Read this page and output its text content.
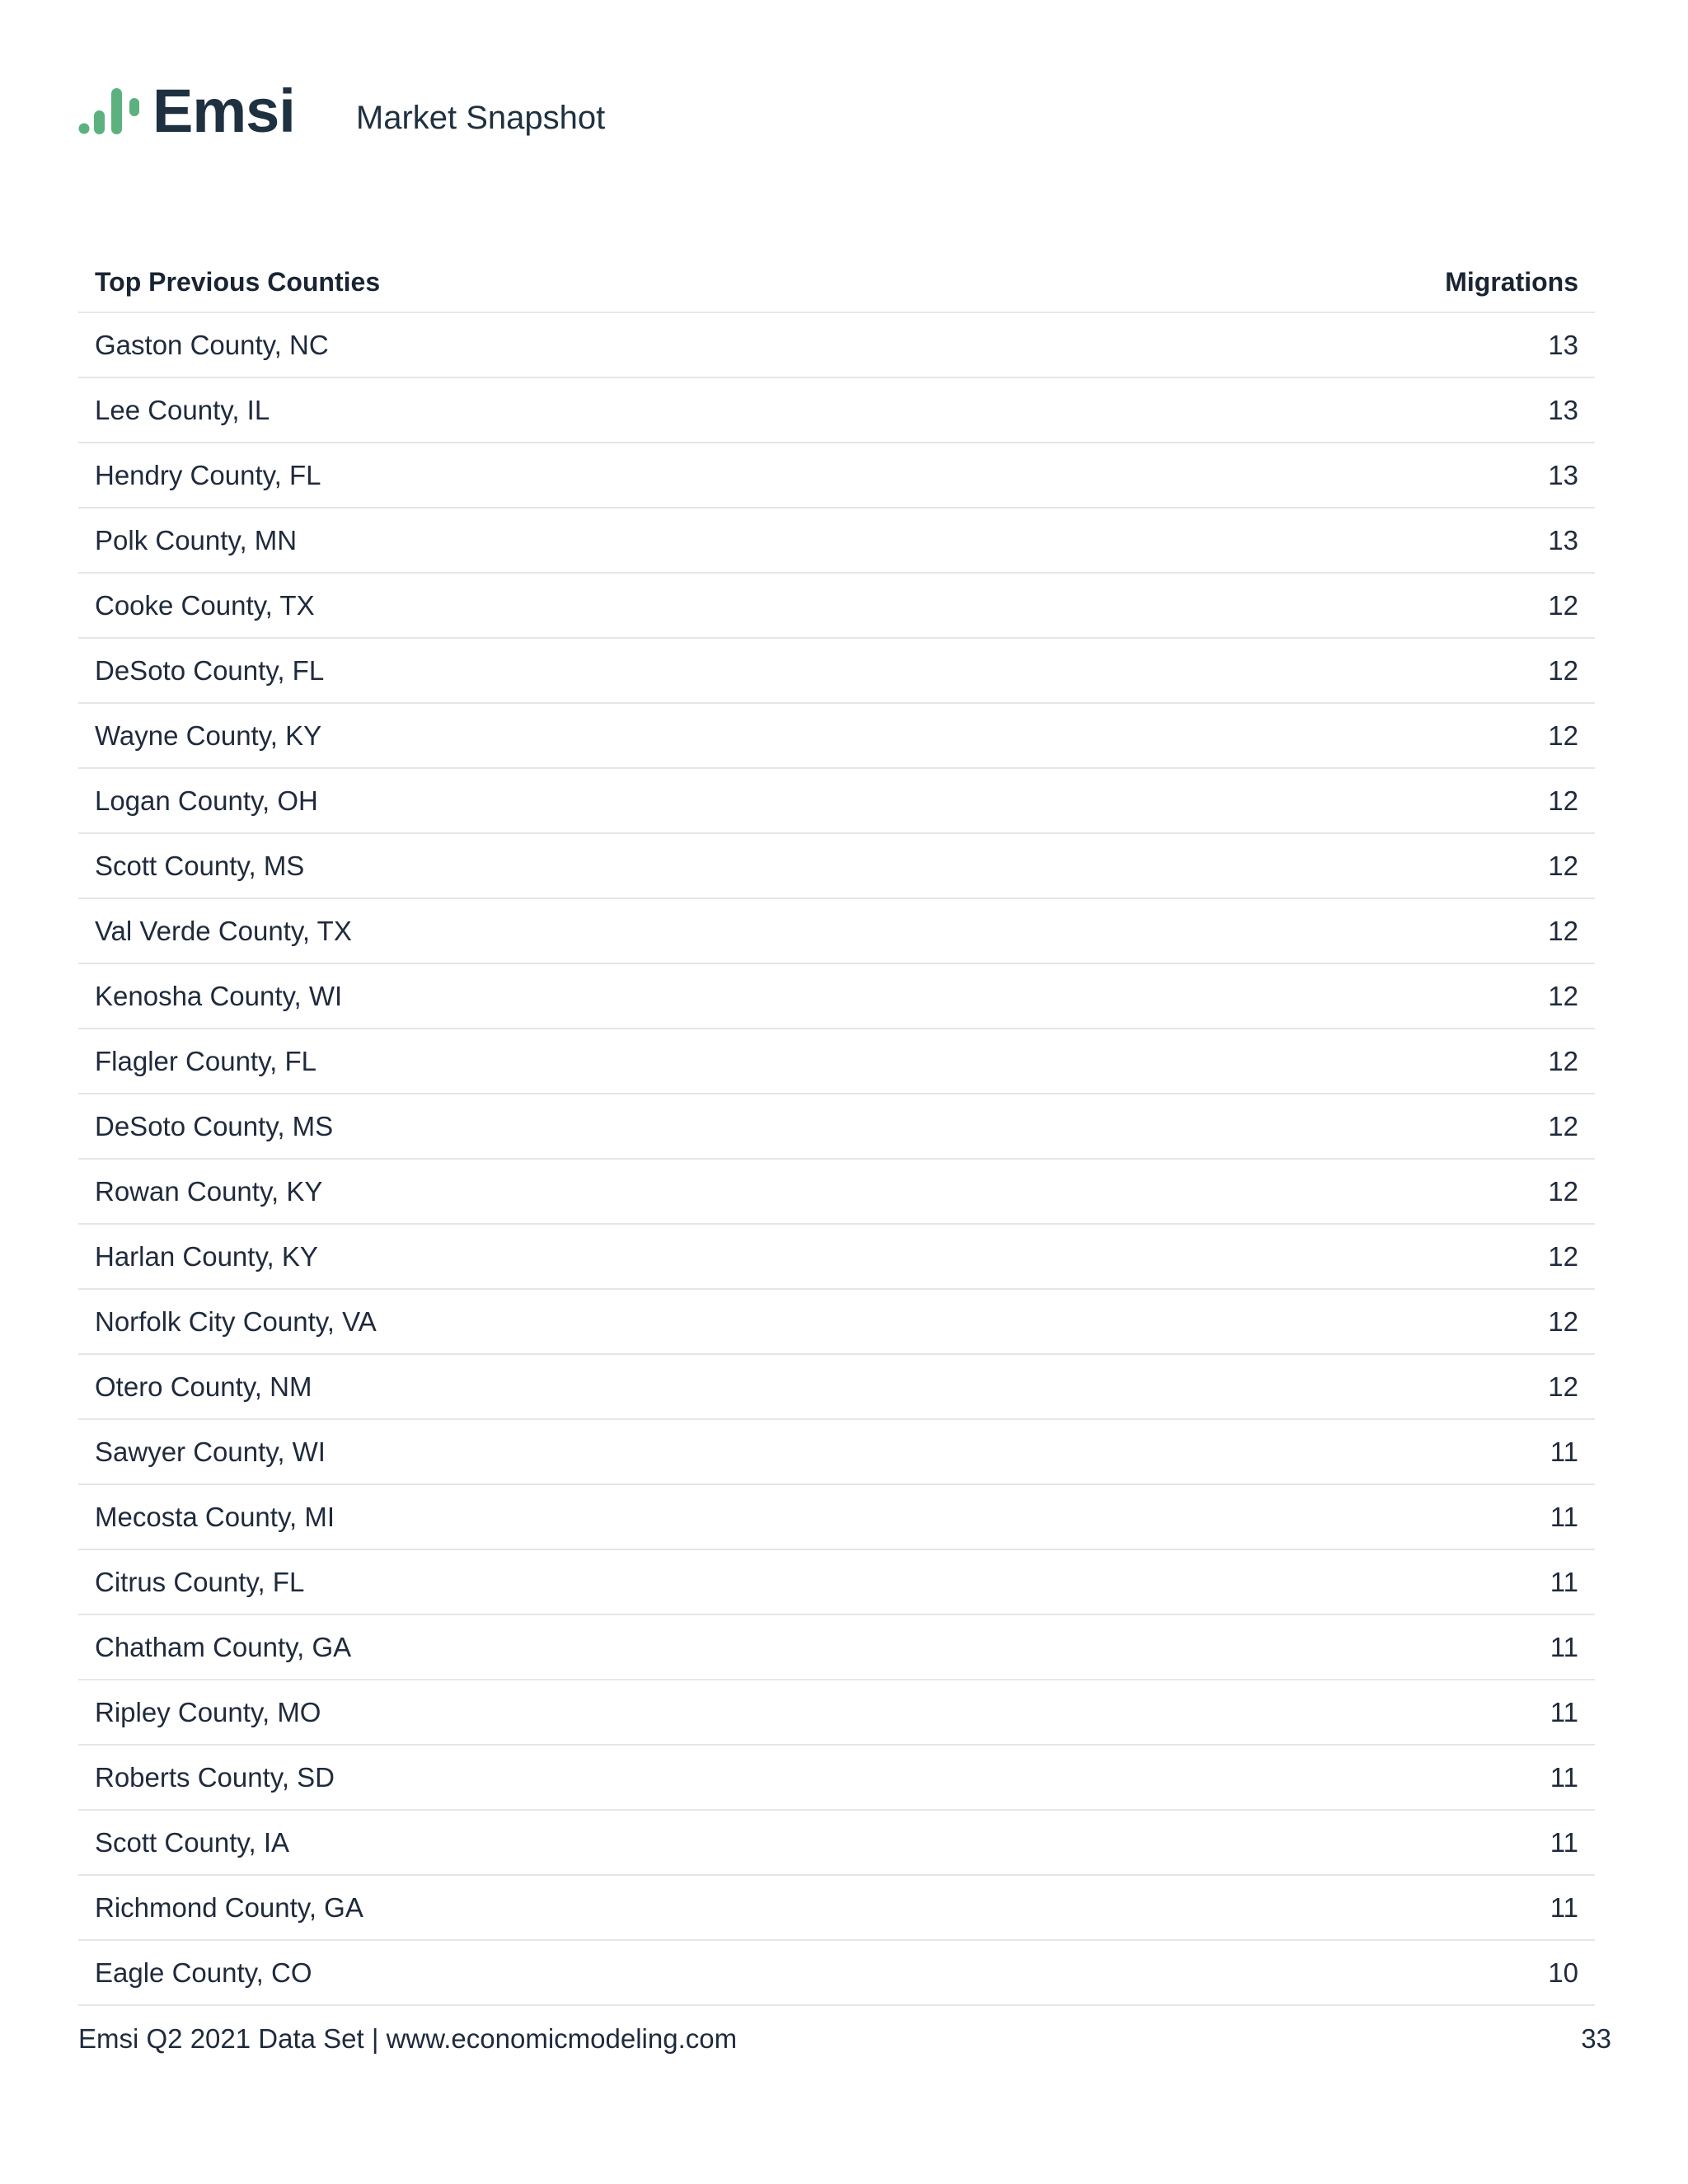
Emsi Market Snapshot
Top Previous Counties	Migrations
Gaston County, NC	13
Lee County, IL	13
Hendry County, FL	13
Polk County, MN	13
Cooke County, TX	12
DeSoto County, FL	12
Wayne County, KY	12
Logan County, OH	12
Scott County, MS	12
Val Verde County, TX	12
Kenosha County, WI	12
Flagler County, FL	12
DeSoto County, MS	12
Rowan County, KY	12
Harlan County, KY	12
Norfolk City County, VA	12
Otero County, NM	12
Sawyer County, WI	11
Mecosta County, MI	11
Citrus County, FL	11
Chatham County, GA	11
Ripley County, MO	11
Roberts County, SD	11
Scott County, IA	11
Richmond County, GA	11
Eagle County, CO	10
Emsi Q2 2021 Data Set | www.economicmodeling.com	33
